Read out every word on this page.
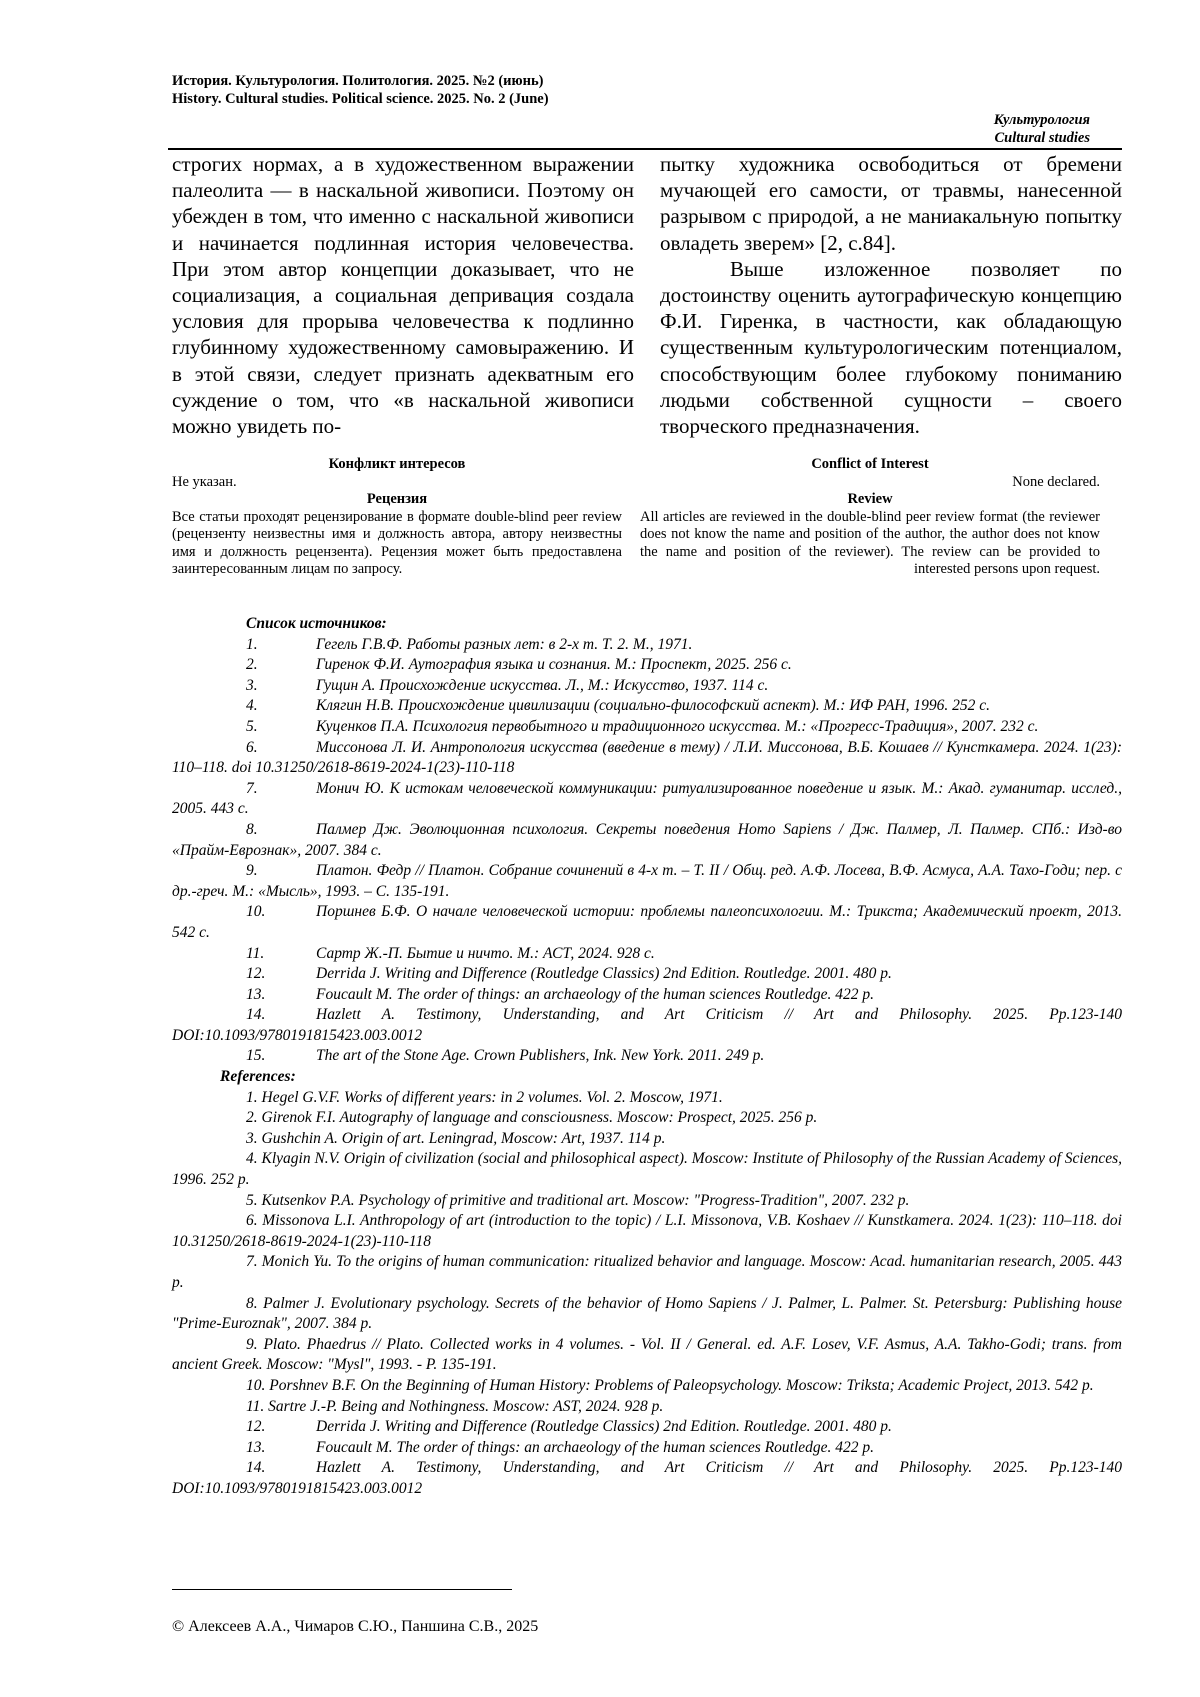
История. Культурология. Политология. 2025. №2 (июнь)
History. Cultural studies. Political science. 2025. No. 2 (June)
Культурология
Cultural studies

строгих нормах, а в художественном выражении палеолита — в наскальной живописи. Поэтому он убежден в том, что именно с наскальной живописи и начинается подлинная история человечества. При этом автор концепции доказывает, что не социализация, а социальная депривация создала условия для прорыва человечества к подлинно глубинному художественному самовыражению. И в этой связи, следует признать адекватным его суждение о том, что «в наскальной живописи можно увидеть по-

пытку художника освободиться от бремени мучающей его самости, от травмы, нанесенной разрывом с природой, а не маниакальную попытку овладеть зверем» [2, с.84].

Выше изложенное позволяет по достоинству оценить аутографическую концепцию Ф.И. Гиренка, в частности, как обладающую существенным культурологическим потенциалом, способствующим более глубокому пониманию людьми собственной сущности – своего творческого предназначения.

Конфликт интересов

Не указан.

Рецензия

Все статьи проходят рецензирование в формате double-blind peer review (рецензенту неизвестны имя и должность автора, автору неизвестны имя и должность рецензента). Рецензия может быть предоставлена заинтересованным лицам по запросу.

Conflict of Interest

None declared.

Review

All articles are reviewed in the double-blind peer review format (the reviewer does not know the name and position of the author, the author does not know the name and position of the reviewer). The review can be provided to interested persons upon request.

Список источников:
1.	Гегель Г.В.Ф. Работы разных лет: в 2-х т. Т. 2. М., 1971.
2.	Гиренок Ф.И. Аутография языка и сознания. М.: Проспект, 2025. 256 с.
3.	Гущин А. Происхождение искусства. Л., М.: Искусство, 1937. 114 с.
4.	Клягин Н.В. Происхождение цивилизации (социально-философский аспект). М.: ИФ РАН, 1996. 252 с.
5.	Куценков П.А. Психология первобытного и традиционного искусства. М.: «Прогресс-Традиция», 2007. 232 с.
6.	Миссонова Л. И. Антропология искусства (введение в тему) / Л.И. Миссонова, В.Б. Кошаев // Кунсткамера. 2024. 1(23): 110–118. doi 10.31250/2618-8619-2024-1(23)-110-118
7.	Монич Ю. К истокам человеческой коммуникации: ритуализированное поведение и язык. М.: Акад. гуманитар. исслед., 2005. 443 с.
8.	Палмер Дж. Эволюционная психология. Секреты поведения Homo Sapiens / Дж. Палмер, Л. Палмер. СПб.: Изд-во «Прайм-Еврознак», 2007. 384 с.
9.	Платон. Федр // Платон. Собрание сочинений в 4-х т. – Т. II / Общ. ред. А.Ф. Лосева, В.Ф. Асмуса, А.А. Тахо-Годи; пер. с др.-греч. М.: «Мысль», 1993. – С. 135-191.
10.	Поршнев Б.Ф. О начале человеческой истории: проблемы палеопсихологии. М.: Трикста; Академический проект, 2013. 542 с.
11.	Сартр Ж.-П. Бытие и ничто. М.: АСТ, 2024. 928 с.
12.	Derrida J. Writing and Difference (Routledge Classics) 2nd Edition. Routledge. 2001. 480 p.
13.	Foucault M. The order of things: an archaeology of the human sciences Routledge. 422 p.
14.	Hazlett A. Testimony, Understanding, and Art Criticism // Art and Philosophy. 2025. Pp.123-140 DOI:10.1093/9780191815423.003.0012
15.	The art of the Stone Age. Crown Publishers, Ink. New York. 2011. 249 p.
References:
1. Hegel G.V.F. Works of different years: in 2 volumes. Vol. 2. Moscow, 1971.
2. Girenok F.I. Autography of language and consciousness. Moscow: Prospect, 2025. 256 p.
3. Gushchin A. Origin of art. Leningrad, Moscow: Art, 1937. 114 p.
4. Klyagin N.V. Origin of civilization (social and philosophical aspect). Moscow: Institute of Philosophy of the Russian Academy of Sciences, 1996. 252 p.
5. Kutsenkov P.A. Psychology of primitive and traditional art. Moscow: "Progress-Tradition", 2007. 232 p.
6. Missonova L.I. Anthropology of art (introduction to the topic) / L.I. Missonova, V.B. Koshaev // Kunstkamera. 2024. 1(23): 110–118. doi 10.31250/2618-8619-2024-1(23)-110-118
7. Monich Yu. To the origins of human communication: ritualized behavior and language. Moscow: Acad. humanitarian research, 2005. 443 p.
8. Palmer J. Evolutionary psychology. Secrets of the behavior of Homo Sapiens / J. Palmer, L. Palmer. St. Petersburg: Publishing house "Prime-Euroznak", 2007. 384 p.
9. Plato. Phaedrus // Plato. Collected works in 4 volumes. - Vol. II / General. ed. A.F. Losev, V.F. Asmus, A.A. Takho-Godi; trans. from ancient Greek. Moscow: "Mysl", 1993. - P. 135-191.
10. Porshnev B.F. On the Beginning of Human History: Problems of Paleopsychology. Moscow: Triksta; Academic Project, 2013. 542 p.
11. Sartre J.-P. Being and Nothingness. Moscow: AST, 2024. 928 p.
12.	Derrida J. Writing and Difference (Routledge Classics) 2nd Edition. Routledge. 2001. 480 p.
13.	Foucault M. The order of things: an archaeology of the human sciences Routledge. 422 p.
14.	Hazlett A. Testimony, Understanding, and Art Criticism // Art and Philosophy. 2025. Pp.123-140 DOI:10.1093/9780191815423.003.0012
© Алексеев А.А., Чимаров С.Ю., Паншина С.В., 2025
